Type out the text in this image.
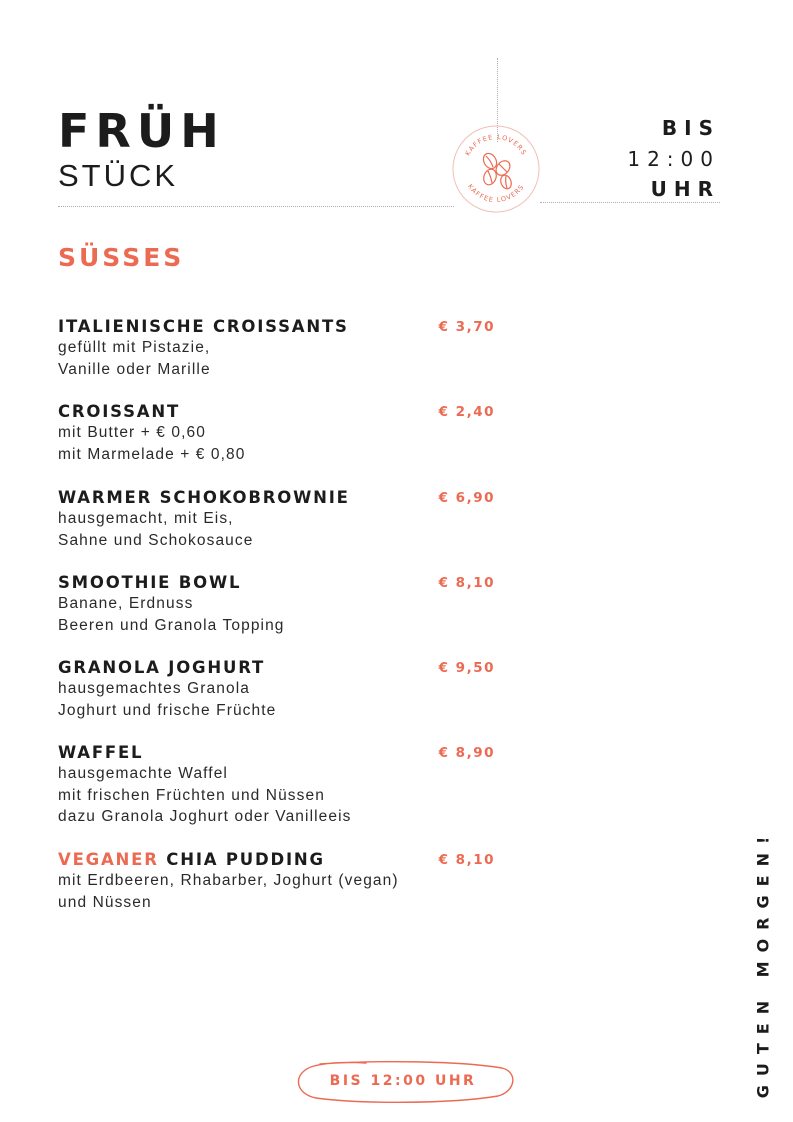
FRÜH
STÜCK
KAFFEE LOVERS
KAFFEE LOVERS
BIS
12:00
UHR
SÜSSES
ITALIENISCHE CROISSANTS	€ 3,70
gefüllt mit Pistazie,
Vanille oder Marille
CROISSANT	€ 2,40
mit Butter + € 0,60
mit Marmelade + € 0,80
WARMER SCHOKOBROWNIE	€ 6,90
hausgemacht, mit Eis,
Sahne und Schokosauce
SMOOTHIE BOWL	€ 8,10
Banane, Erdnuss
Beeren und Granola Topping
GRANOLA JOGHURT	€ 9,50
hausgemachtes Granola
Joghurt und frische Früchte
WAFFEL	€ 8,90
hausgemachte Waffel
mit frischen Früchten und Nüssen
dazu Granola Joghurt oder Vanilleeis
VEGANER CHIA PUDDING	€ 8,10
mit Erdbeeren, Rhabarber, Joghurt (vegan)
und Nüssen	GUTEN MORGEN!
BIS 12:00 UHR
